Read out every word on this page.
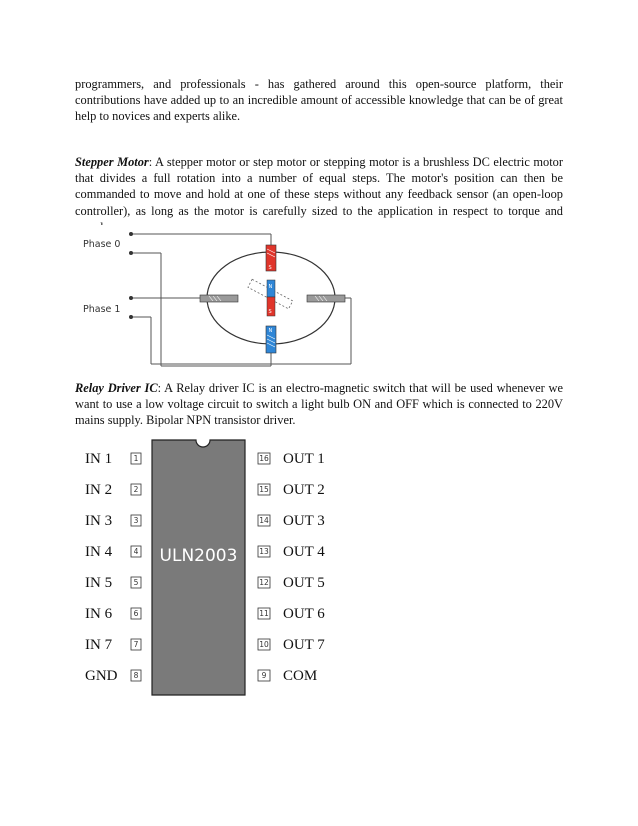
programmers, and professionals - has gathered around this open-source platform, their contributions have added up to an incredible amount of accessible knowledge that can be of great help to novices and experts alike.

Stepper Motor: A stepper motor or step motor or stepping motor is a brushless DC electric motor that divides a full rotation into a number of equal steps. The motor's position can then be commanded to move and hold at one of these steps without any feedback sensor (an open-loop controller), as long as the motor is carefully sized to the application in respect to torque and

Phase 0
Phase 1
N
S
S
N

Relay Driver IC: A Relay driver IC is an electro-magnetic switch that will be used whenever we want to use a low voltage circuit to switch a light bulb ON and OFF which is connected to 220V mains supply. Bipolar NPN transistor driver.

ULN2003
1
IN 1
2
IN 2
3
IN 3
4
IN 4
5
IN 5
6
IN 6
7
IN 7
8
GND
16 OUT 1
15 OUT 2
14 OUT 3
13 OUT 4
12 OUT 5
11 OUT 6
10 OUT 7
9 COM
